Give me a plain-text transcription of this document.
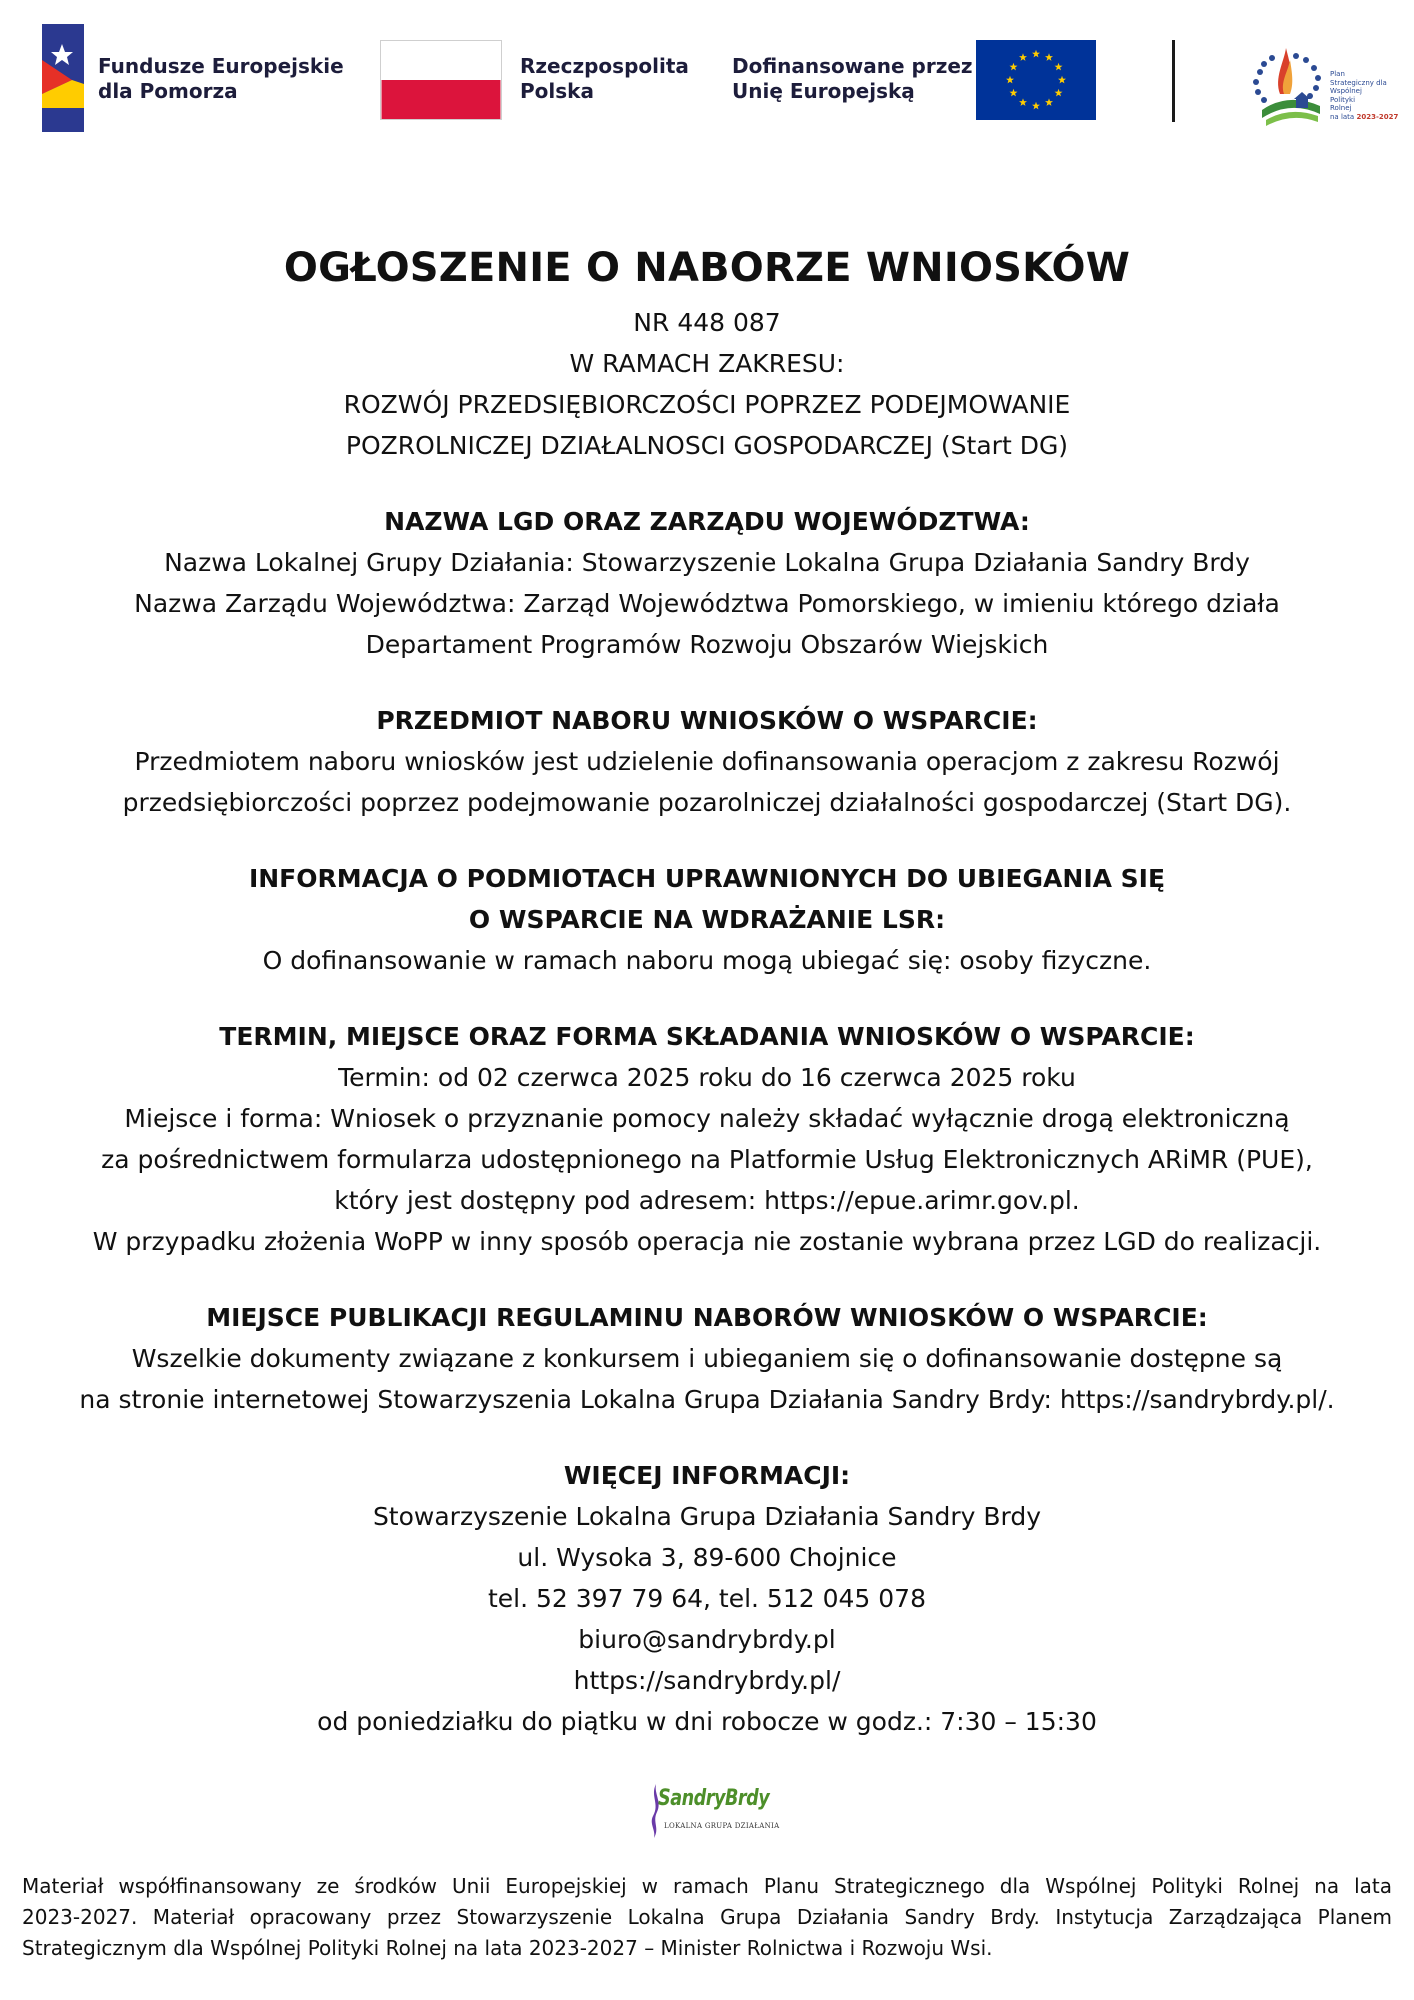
Fundusze Europejskie
dla Pomorza
Rzeczpospolita
Polska
Dofinansowane przez
Unię Europejską
Plan
Strategiczny dla
Wspólnej
Polityki
Rolnej
na lata 2023-2027
OGŁOSZENIE O NABORZE WNIOSKÓW
NR 448 087
W RAMACH ZAKRESU:
ROZWÓJ PRZEDSIĘBIORCZOŚCI POPRZEZ PODEJMOWANIE
POZROLNICZEJ DZIAŁALNOSCI GOSPODARCZEJ (Start DG)
NAZWA LGD ORAZ ZARZĄDU WOJEWÓDZTWA:
Nazwa Lokalnej Grupy Działania: Stowarzyszenie Lokalna Grupa Działania Sandry Brdy
Nazwa Zarządu Województwa: Zarząd Województwa Pomorskiego, w imieniu którego działa
Departament Programów Rozwoju Obszarów Wiejskich
PRZEDMIOT NABORU WNIOSKÓW O WSPARCIE:
Przedmiotem naboru wniosków jest udzielenie dofinansowania operacjom z zakresu Rozwój
przedsiębiorczości poprzez podejmowanie pozarolniczej działalności gospodarczej (Start DG).
INFORMACJA O PODMIOTACH UPRAWNIONYCH DO UBIEGANIA SIĘ
O WSPARCIE NA WDRAŻANIE LSR:
O dofinansowanie w ramach naboru mogą ubiegać się: osoby fizyczne.
TERMIN, MIEJSCE ORAZ FORMA SKŁADANIA WNIOSKÓW O WSPARCIE:
Termin: od 02 czerwca 2025 roku do 16 czerwca 2025 roku
Miejsce i forma: Wniosek o przyznanie pomocy należy składać wyłącznie drogą elektroniczną
za pośrednictwem formularza udostępnionego na Platformie Usług Elektronicznych ARiMR (PUE),
który jest dostępny pod adresem: https://epue.arimr.gov.pl.
W przypadku złożenia WoPP w inny sposób operacja nie zostanie wybrana przez LGD do realizacji.
MIEJSCE PUBLIKACJI REGULAMINU NABORÓW WNIOSKÓW O WSPARCIE:
Wszelkie dokumenty związane z konkursem i ubieganiem się o dofinansowanie dostępne są
na stronie internetowej Stowarzyszenia Lokalna Grupa Działania Sandry Brdy: https://sandrybrdy.pl/.
WIĘCEJ INFORMACJI:
Stowarzyszenie Lokalna Grupa Działania Sandry Brdy
ul. Wysoka 3, 89-600 Chojnice
tel. 52 397 79 64, tel. 512 045 078
biuro@sandrybrdy.pl
https://sandrybrdy.pl/
od poniedziałku do piątku w dni robocze w godz.: 7:30 – 15:30
SandryBrdy
LOKALNA GRUPA DZIAŁANIA
Materiał współfinansowany ze środków Unii Europejskiej w ramach Planu Strategicznego dla Wspólnej Polityki Rolnej na lata
2023-2027. Materiał opracowany przez Stowarzyszenie Lokalna Grupa Działania Sandry Brdy. Instytucja Zarządzająca Planem
Strategicznym dla Wspólnej Polityki Rolnej na lata 2023-2027 – Minister Rolnictwa i Rozwoju Wsi.
